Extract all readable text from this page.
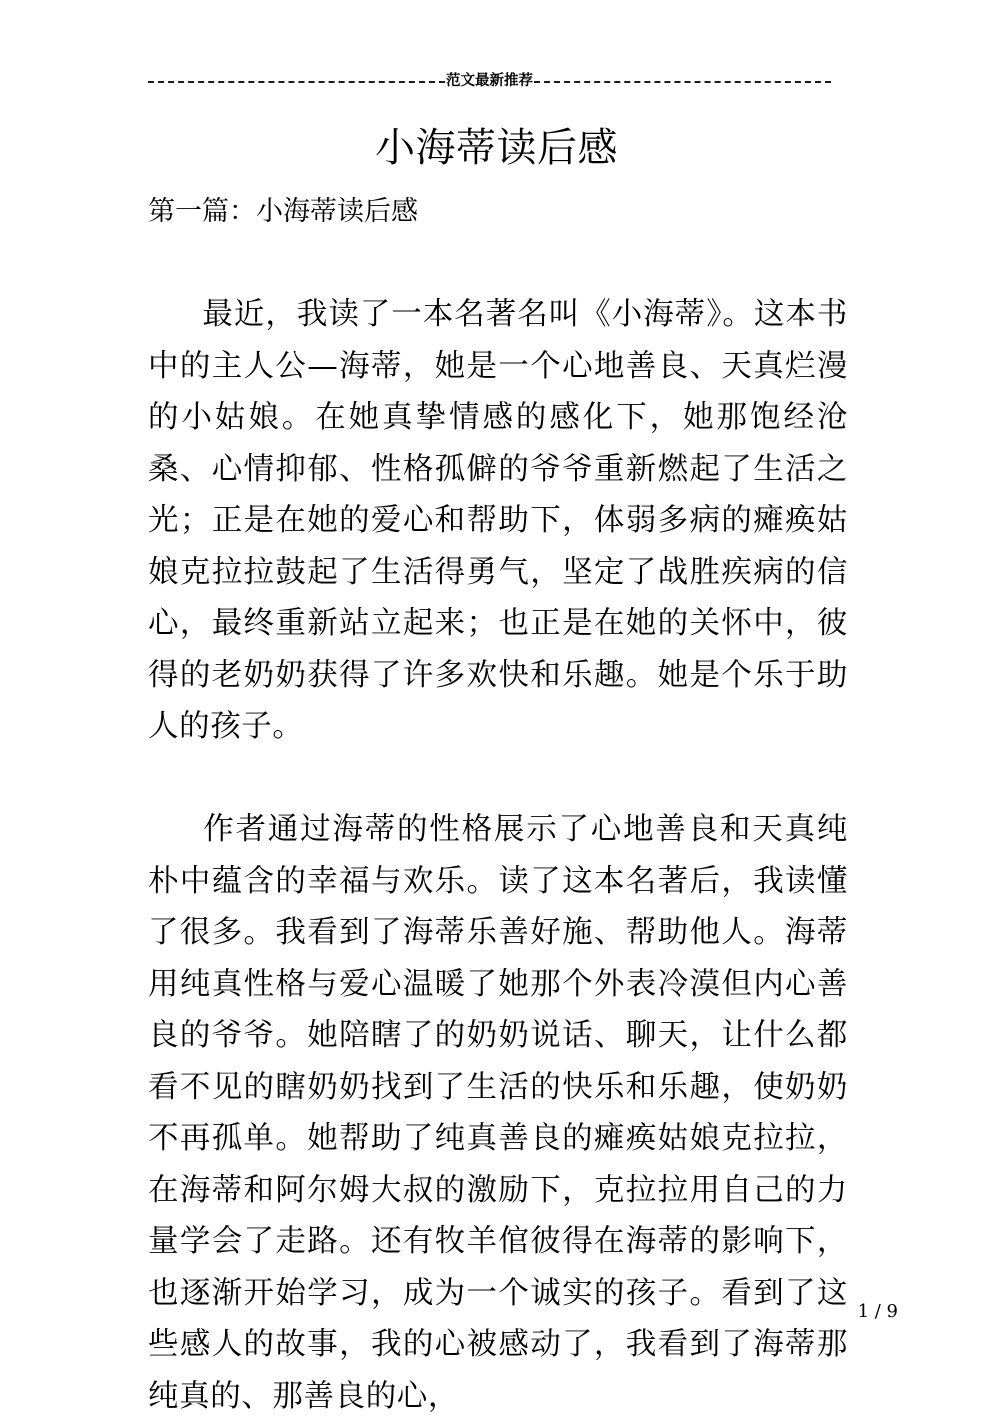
范文最新推荐
小海蒂读后感
第一篇：小海蒂读后感

最近，我读了一本名著名叫《小海蒂》。这本书中的主人公—海蒂，她是一个心地善良、天真烂漫的小姑娘。在她真挚情感的感化下，她那饱经沧桑、心情抑郁、性格孤僻的爷爷重新燃起了生活之光；正是在她的爱心和帮助下，体弱多病的瘫痪姑娘克拉拉鼓起了生活得勇气，坚定了战胜疾病的信心，最终重新站立起来；也正是在她的关怀中，彼得的老奶奶获得了许多欢快和乐趣。她是个乐于助人的孩子。

作者通过海蒂的性格展示了心地善良和天真纯朴中蕴含的幸福与欢乐。读了这本名著后，我读懂了很多。我看到了海蒂乐善好施、帮助他人。海蒂用纯真性格与爱心温暖了她那个外表冷漠但内心善良的爷爷。她陪瞎了的奶奶说话、聊天，让什么都看不见的瞎奶奶找到了生活的快乐和乐趣，使奶奶不再孤单。她帮助了纯真善良的瘫痪姑娘克拉拉，在海蒂和阿尔姆大叔的激励下，克拉拉用自己的力量学会了走路。还有牧羊倌彼得在海蒂的影响下，也逐渐开始学习，成为一个诚实的孩子。看到了这些感人的故事，我的心被感动了，我看到了海蒂那纯真的、那善良的心，

1 / 9
